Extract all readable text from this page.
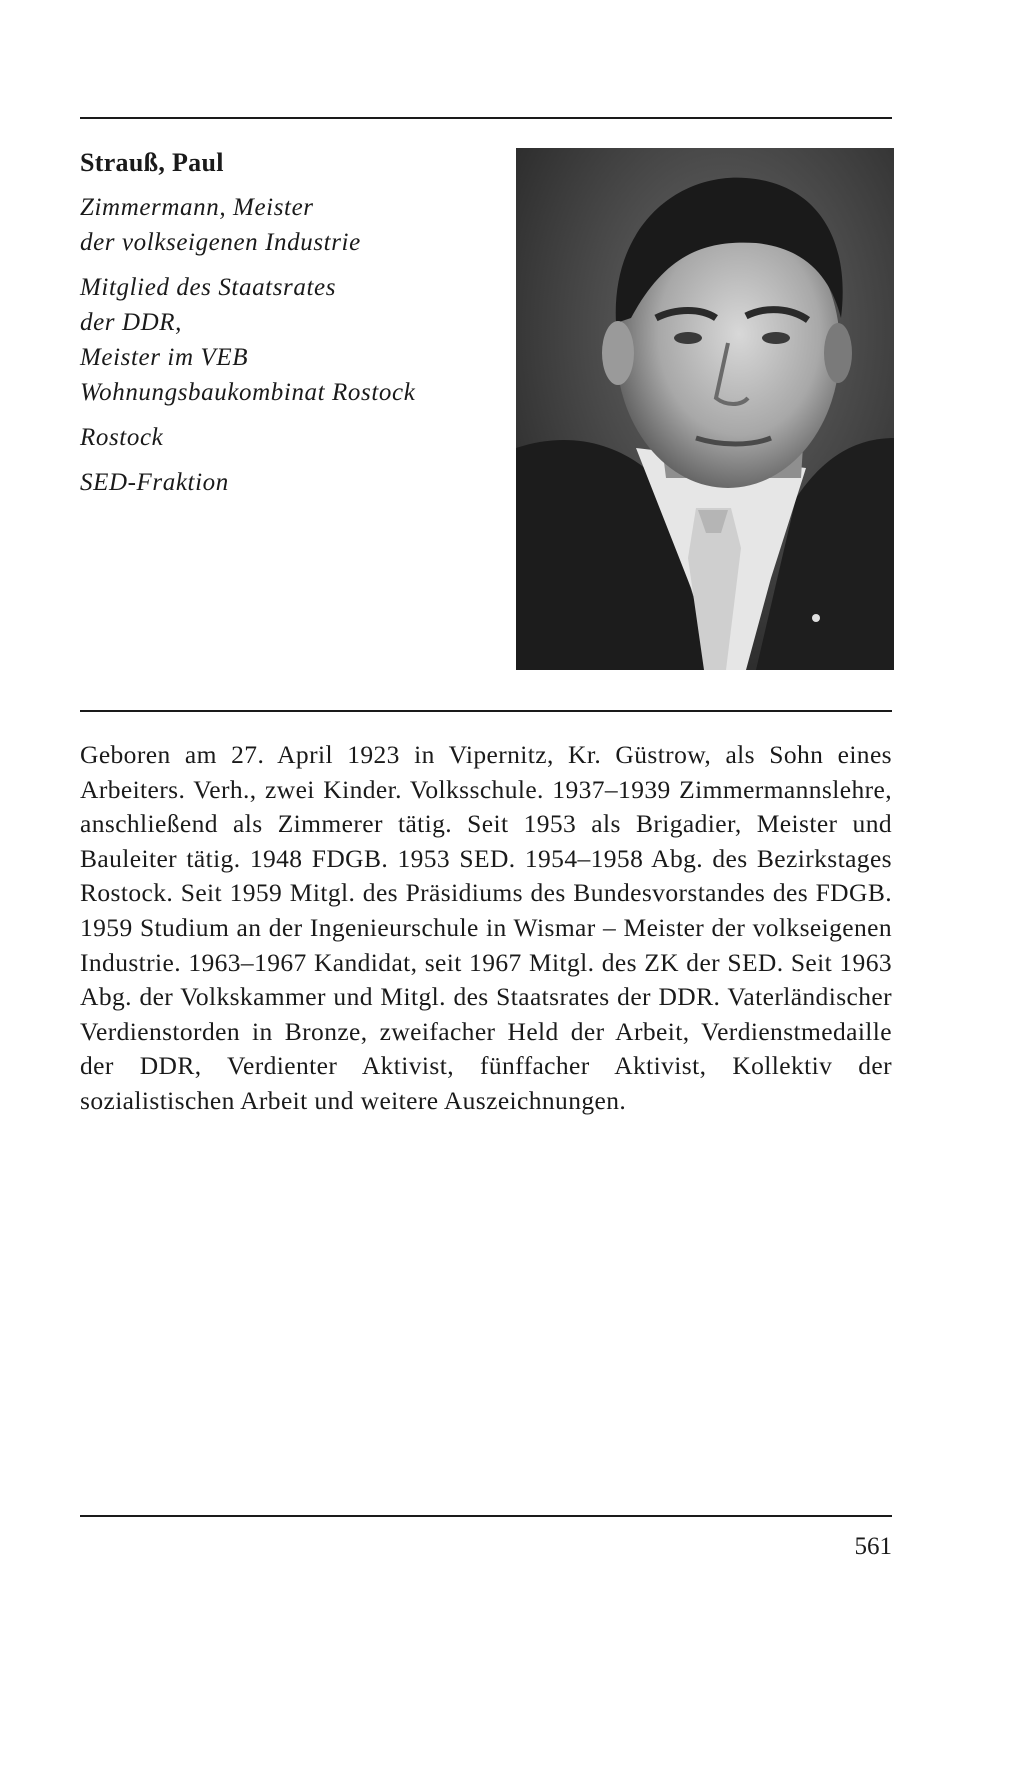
Strauß, Paul
Zimmermann, Meister
der volkseigenen Industrie
Mitglied des Staatsrates
der DDR,
Meister im VEB
Wohnungsbaukombinat Rostock
Rostock
SED-Fraktion
Geboren am 27. April 1923 in Vipernitz, Kr. Güstrow, als Sohn eines Arbeiters. Verh., zwei Kinder. Volksschule. 1937–1939 Zimmermannslehre, anschließend als Zimmerer tätig. Seit 1953 als Brigadier, Meister und Bauleiter tätig. 1948 FDGB. 1953 SED. 1954–1958 Abg. des Bezirkstages Rostock. Seit 1959 Mitgl. des Präsidiums des Bundesvorstandes des FDGB. 1959 Studium an der Ingenieurschule in Wismar – Meister der volkseigenen Industrie. 1963–1967 Kandidat, seit 1967 Mitgl. des ZK der SED. Seit 1963 Abg. der Volkskammer und Mitgl. des Staatsrates der DDR. Vaterländischer Verdienstorden in Bronze, zweifacher Held der Arbeit, Verdienstmedaille der DDR, Verdienter Aktivist, fünffacher Aktivist, Kollektiv der sozialistischen Arbeit und weitere Auszeichnungen.
561
